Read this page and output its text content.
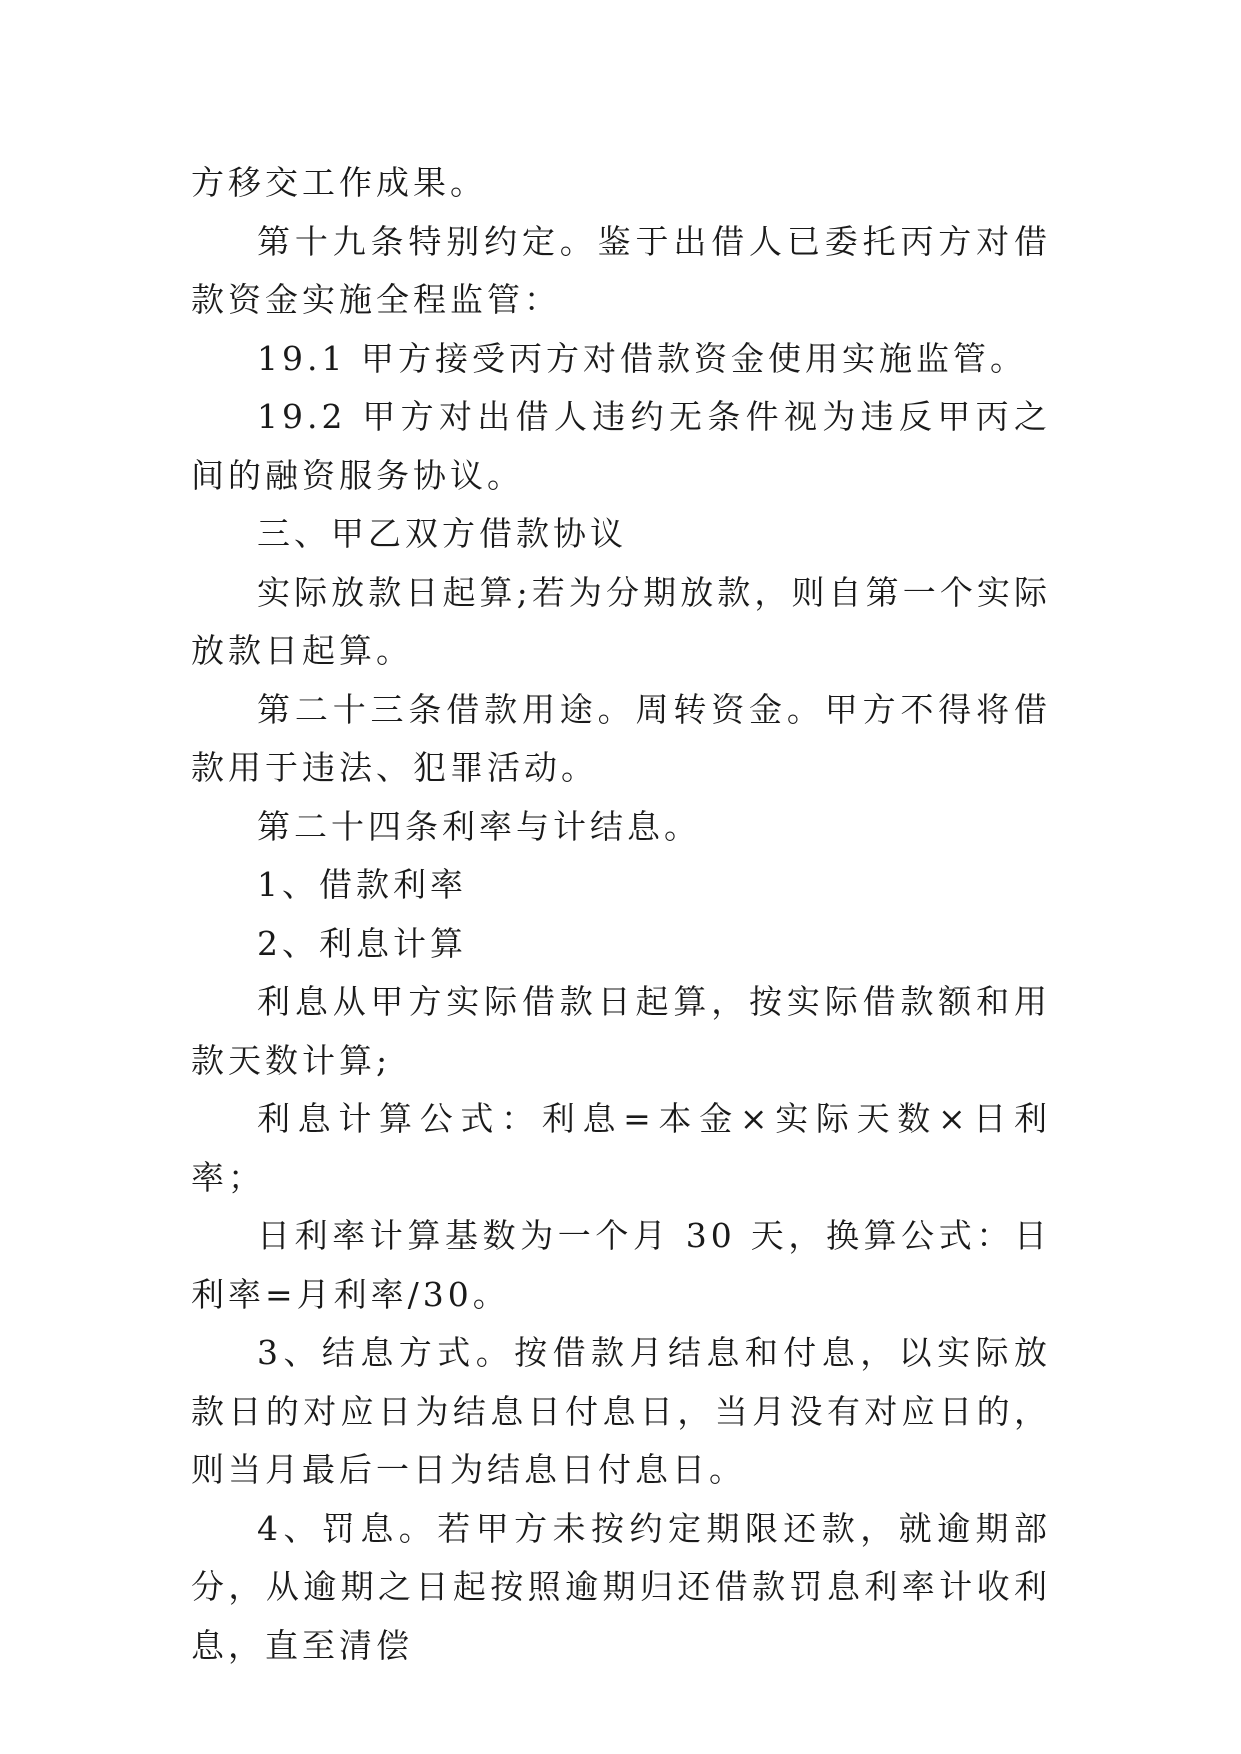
方移交工作成果。

第十九条特别约定。鉴于出借人已委托丙方对借款资金实施全程监管：

19.1 甲方接受丙方对借款资金使用实施监管。

19.2 甲方对出借人违约无条件视为违反甲丙之间的融资服务协议。

三、甲乙双方借款协议

实际放款日起算;若为分期放款，则自第一个实际放款日起算。

第二十三条借款用途。周转资金。甲方不得将借款用于违法、犯罪活动。

第二十四条利率与计结息。

1、借款利率

2、利息计算

利息从甲方实际借款日起算，按实际借款额和用款天数计算;

利息计算公式：利息=本金×实际天数×日利率；

日利率计算基数为一个月 30 天，换算公式：日利率=月利率/30。

3、结息方式。按借款月结息和付息，以实际放款日的对应日为结息日付息日，当月没有对应日的，则当月最后一日为结息日付息日。

4、罚息。若甲方未按约定期限还款，就逾期部分，从逾期之日起按照逾期归还借款罚息利率计收利息，直至清偿
